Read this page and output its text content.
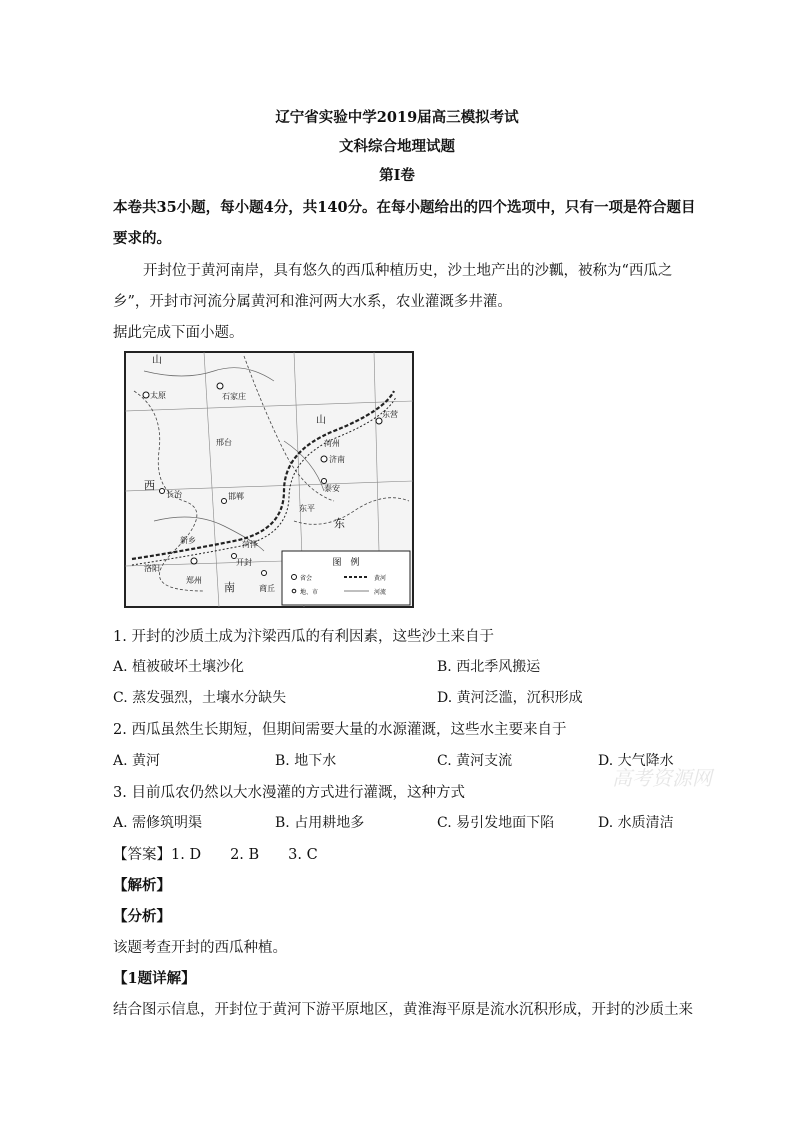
辽宁省实验中学2019届高三模拟考试
文科综合地理试题
第Ⅰ卷
本卷共35小题，每小题4分，共140分。在每小题给出的四个选项中，只有一项是符合题目
要求的。
开封位于黄河南岸，具有悠久的西瓜种植历史，沙土地产出的沙瓤，被称为“西瓜之
乡”，开封市河流分属黄河和淮河两大水系，农业灌溉多井灌。
据此完成下面小题。
山
石家庄
太原
邢台
西
长治	邯郸
菏州
山
济南
东营
泰安
东平
东
新乡
洛阳
郑州
开封
商丘
南
菏泽
图　例
省会
地、市
黄河
河流
1. 开封的沙质土成为汴梁西瓜的有利因素，这些沙土来自于
A. 植被破坏土壤沙化	B. 西北季风搬运
C. 蒸发强烈，土壤水分缺失	D. 黄河泛滥，沉积形成
2. 西瓜虽然生长期短，但期间需要大量的水源灌溉，这些水主要来自于
A. 黄河	B. 地下水	C. 黄河支流	D. 大气降水
高考资源网
3. 目前瓜农仍然以大水漫灌的方式进行灌溉，这种方式
A. 需修筑明渠	B. 占用耕地多	C. 易引发地面下陷	D. 水质清洁
【答案】1. D　　2. B　　3. C
【解析】
【分析】
该题考查开封的西瓜种植。
【1题详解】
结合图示信息，开封位于黄河下游平原地区，黄淮海平原是流水沉积形成，开封的沙质土来
